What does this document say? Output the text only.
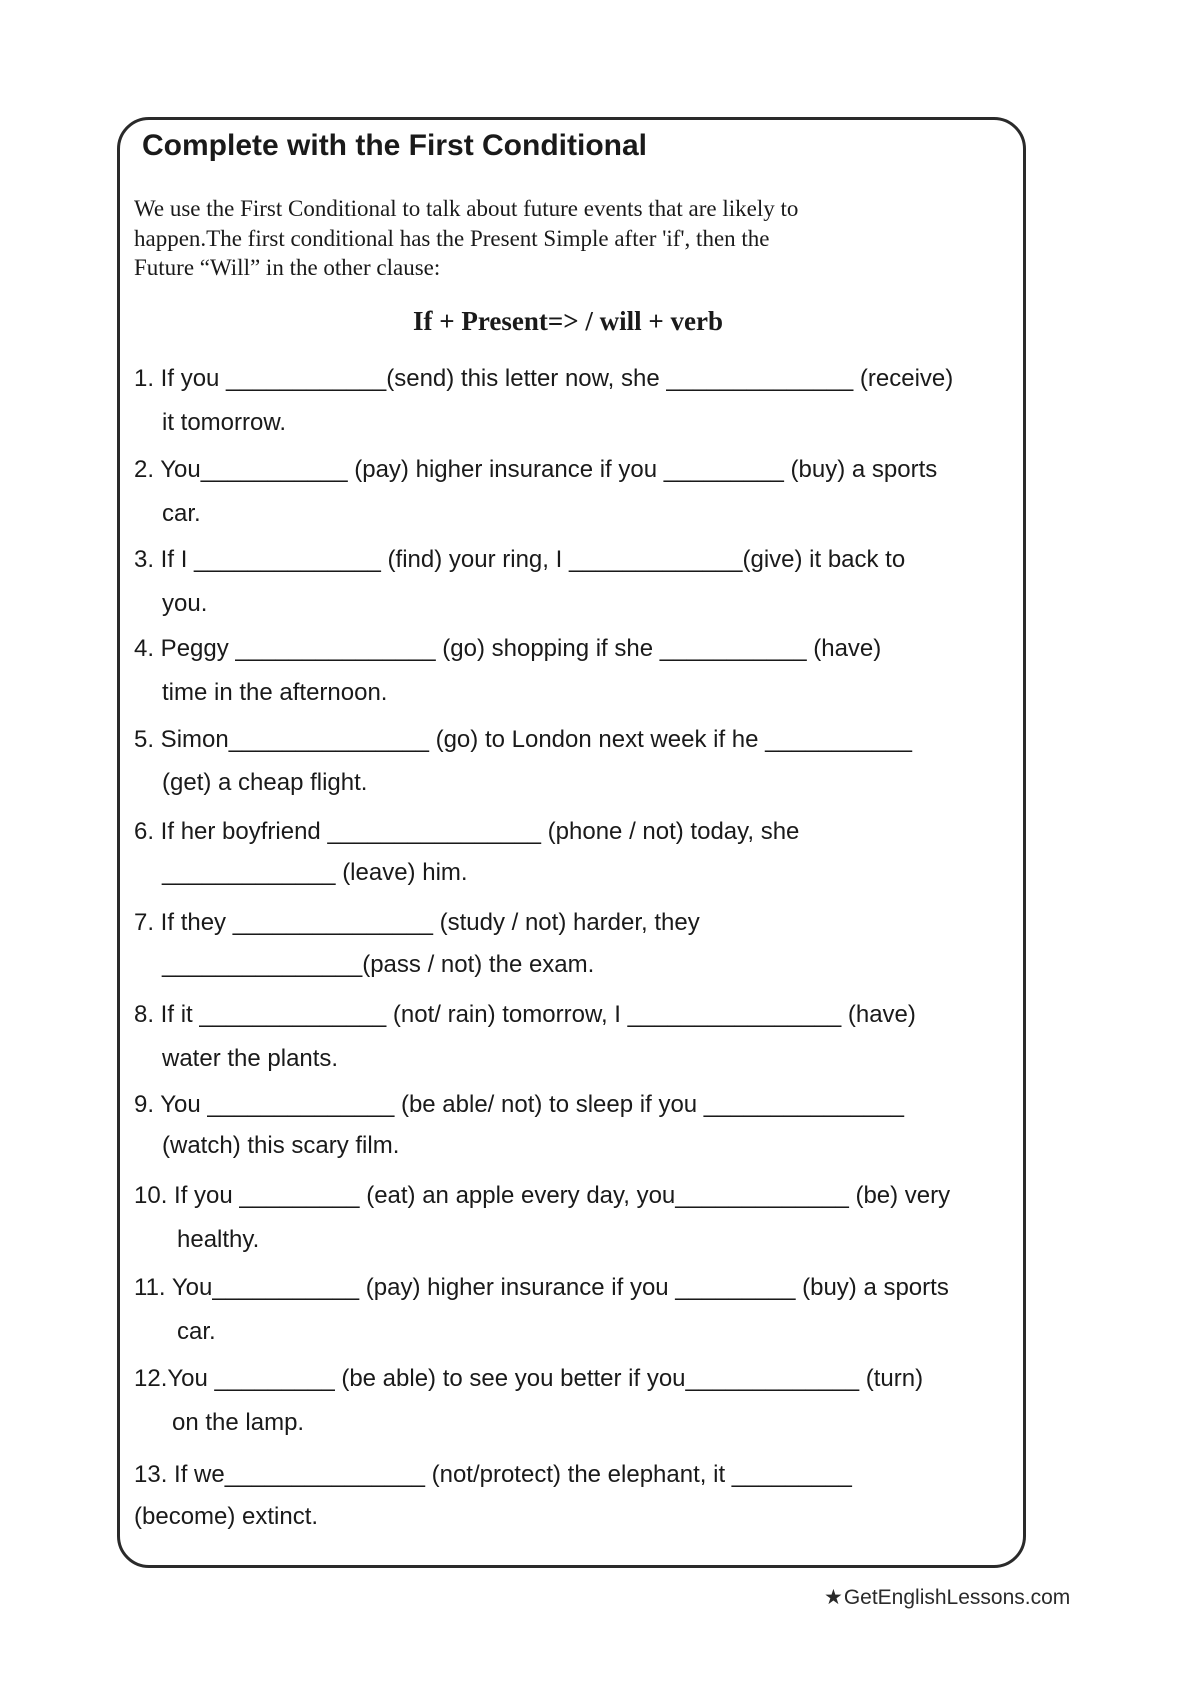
Complete with the First Conditional
We use the First Conditional to talk about future events that are likely to
happen.The first conditional has the Present Simple after 'if', then the
Future “Will” in the other clause:
If + Present=> / will + verb
1. If you ____________(send) this letter now, she ______________ (receive)
it tomorrow.
2. You___________ (pay) higher insurance if you _________ (buy) a sports
car.
3. If I ______________ (find) your ring, I _____________(give) it back to
you.
4. Peggy _______________ (go) shopping if she ___________ (have)
time in the afternoon.
5. Simon_______________ (go) to London next week if he ___________
(get) a cheap flight.
6. If her boyfriend ________________ (phone / not) today, she
_____________ (leave) him.
7. If they _______________ (study / not) harder, they
_______________(pass / not) the exam.
8. If it ______________ (not/ rain) tomorrow, I ________________ (have)
water the plants.
9. You ______________ (be able/ not) to sleep if you _______________
(watch) this scary film.
10. If you _________ (eat) an apple every day, you_____________ (be) very
healthy.
11. You___________ (pay) higher insurance if you _________ (buy) a sports
car.
12.You _________ (be able) to see you better if you_____________ (turn)
on the lamp.
13. If we_______________ (not/protect) the elephant, it _________
(become) extinct.
★GetEnglishLessons.com
